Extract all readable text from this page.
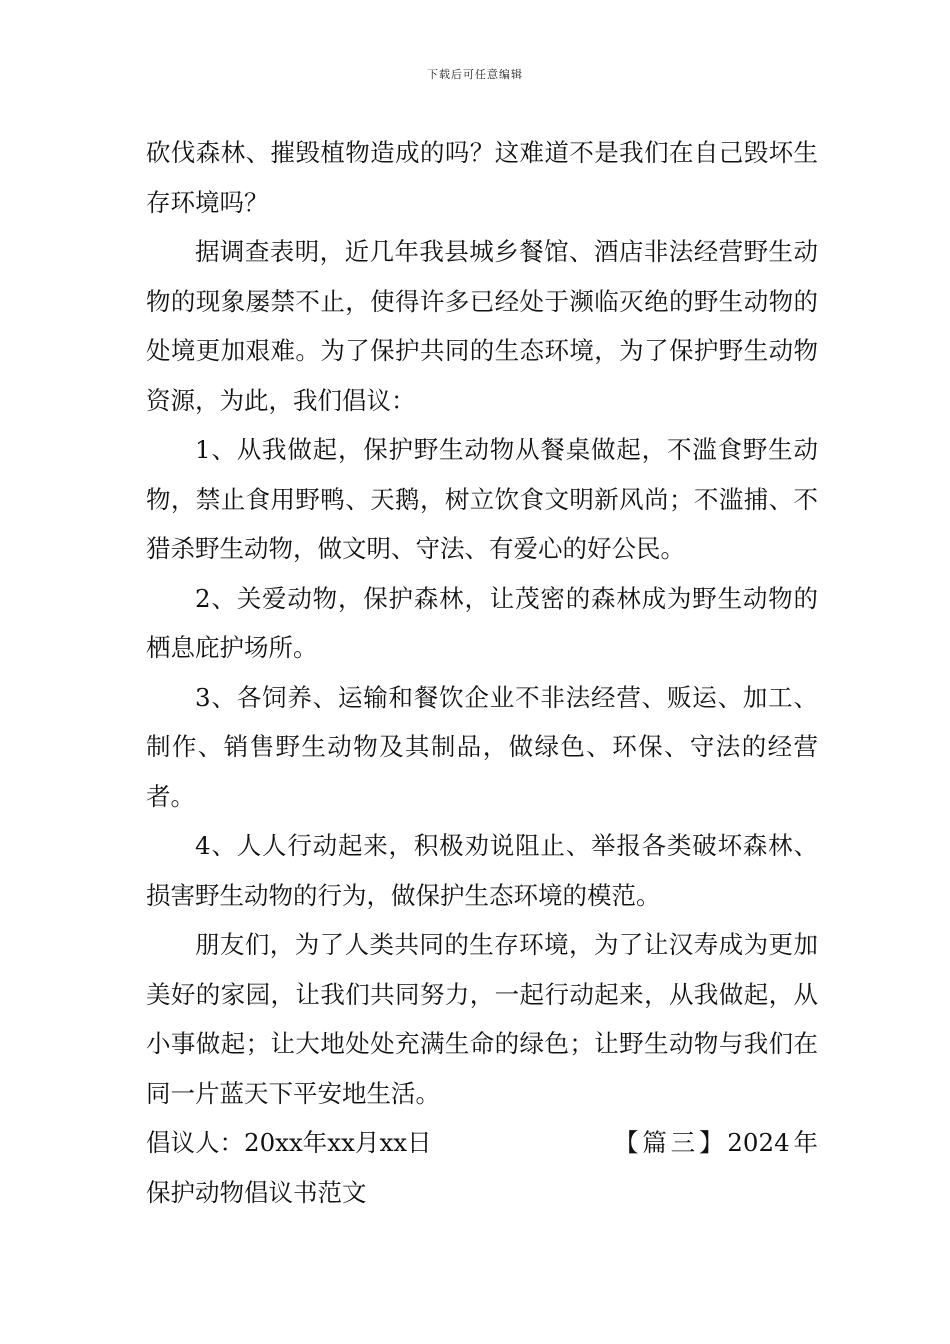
下载后可任意编辑

砍伐森林、摧毁植物造成的吗？这难道不是我们在自己毁坏生存环境吗？

据调查表明，近几年我县城乡餐馆、酒店非法经营野生动物的现象屡禁不止，使得许多已经处于濒临灭绝的野生动物的处境更加艰难。为了保护共同的生态环境，为了保护野生动物资源，为此，我们倡议：

1、从我做起，保护野生动物从餐桌做起，不滥食野生动物，禁止食用野鸭、天鹅，树立饮食文明新风尚；不滥捕、不猎杀野生动物，做文明、守法、有爱心的好公民。

2、关爱动物，保护森林，让茂密的森林成为野生动物的栖息庇护场所。

3、各饲养、运输和餐饮企业不非法经营、贩运、加工、制作、销售野生动物及其制品，做绿色、环保、守法的经营者。

4、人人行动起来，积极劝说阻止、举报各类破坏森林、损害野生动物的行为，做保护生态环境的模范。

朋友们，为了人类共同的生存环境，为了让汉寿成为更加美好的家园，让我们共同努力，一起行动起来，从我做起，从小事做起；让大地处处充满生命的绿色；让野生动物与我们在同一片蓝天下平安地生活。

倡议人：20xx年xx月xx日	【篇三】2024年保护动物倡议书范文
